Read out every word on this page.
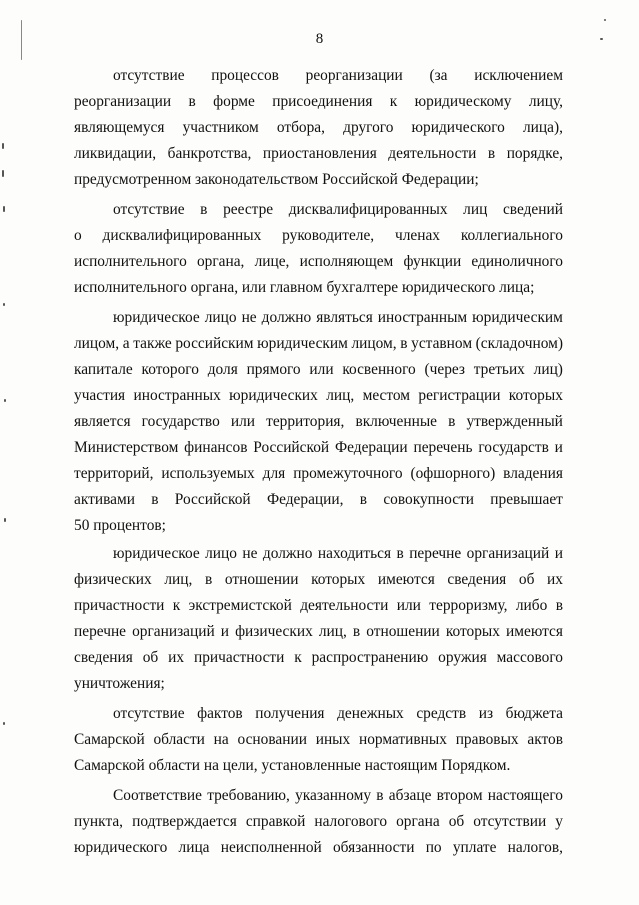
8
отсутствие процессов реорганизации (за исключением
реорганизации в форме присоединения к юридическому лицу,
являющемуся участником отбора, другого юридического лица),
ликвидации, банкротства, приостановления деятельности в порядке,
предусмотренном законодательством Российской Федерации;
отсутствие в реестре дисквалифицированных лиц сведений
о дисквалифицированных руководителе, членах коллегиального
исполнительного органа, лице, исполняющем функции единоличного
исполнительного органа, или главном бухгалтере юридического лица;
юридическое лицо не должно являться иностранным юридическим
лицом, а также российским юридическим лицом, в уставном (складочном)
капитале которого доля прямого или косвенного (через третьих лиц)
участия иностранных юридических лиц, местом регистрации которых
является государство или территория, включенные в утвержденный
Министерством финансов Российской Федерации перечень государств и
территорий, используемых для промежуточного (офшорного) владения
активами в Российской Федерации, в совокупности превышает
50 процентов;
юридическое лицо не должно находиться в перечне организаций и
физических лиц, в отношении которых имеются сведения об их
причастности к экстремистской деятельности или терроризму, либо в
перечне организаций и физических лиц, в отношении которых имеются
сведения об их причастности к распространению оружия массового
уничтожения;
отсутствие фактов получения денежных средств из бюджета
Самарской области на основании иных нормативных правовых актов
Самарской области на цели, установленные настоящим Порядком.
Соответствие требованию, указанному в абзаце втором настоящего
пункта, подтверждается справкой налогового органа об отсутствии у
юридического лица неисполненной обязанности по уплате налогов,
